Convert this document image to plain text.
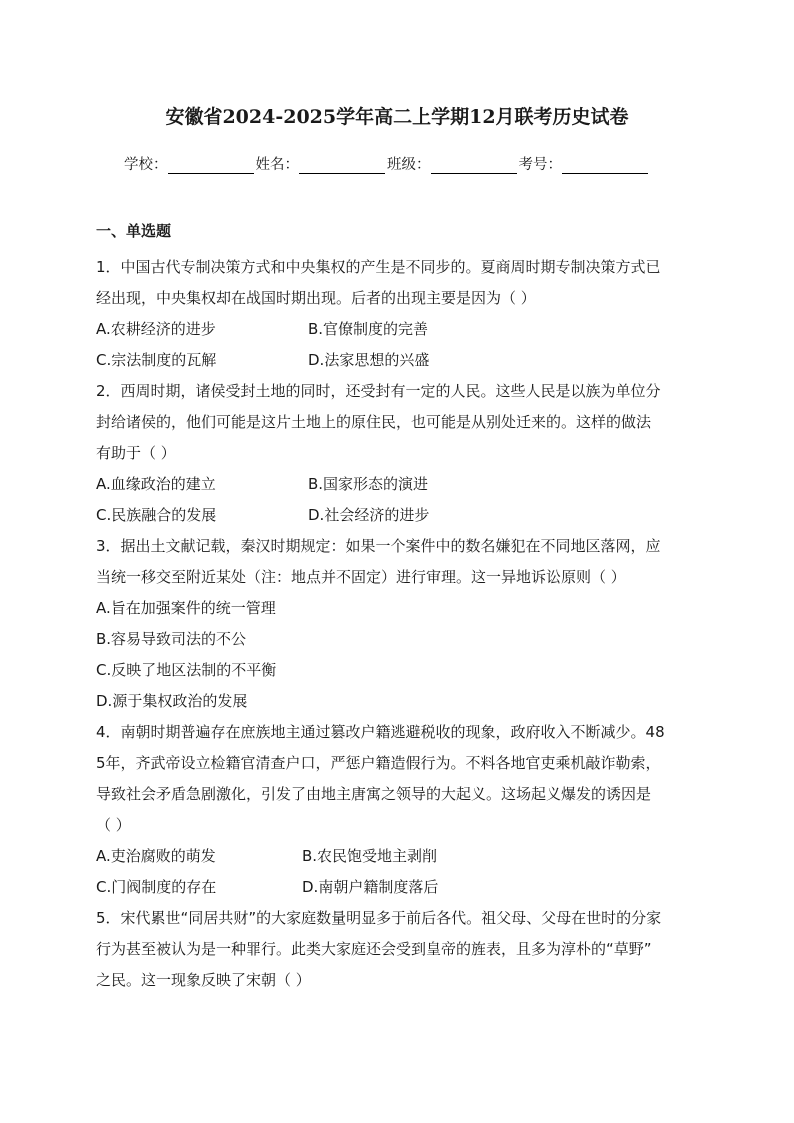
安徽省2024-2025学年高二上学期12月联考历史试卷
学校：	姓名：	班级：	考号：
一、单选题
1．中国古代专制决策方式和中央集权的产生是不同步的。夏商周时期专制决策方式已
经出现，中央集权却在战国时期出现。后者的出现主要是因为（ ）
A.农耕经济的进步	B.官僚制度的完善
C.宗法制度的瓦解	D.法家思想的兴盛
2．西周时期，诸侯受封土地的同时，还受封有一定的人民。这些人民是以族为单位分
封给诸侯的，他们可能是这片土地上的原住民，也可能是从别处迁来的。这样的做法
有助于（ ）
A.血缘政治的建立	B.国家形态的演进
C.民族融合的发展	D.社会经济的进步
3．据出土文献记载，秦汉时期规定：如果一个案件中的数名嫌犯在不同地区落网，应
当统一移交至附近某处（注：地点并不固定）进行审理。这一异地诉讼原则（ ）
A.旨在加强案件的统一管理
B.容易导致司法的不公
C.反映了地区法制的不平衡
D.源于集权政治的发展
4．南朝时期普遍存在庶族地主通过篡改户籍逃避税收的现象，政府收入不断减少。48
5年，齐武帝设立检籍官清查户口，严惩户籍造假行为。不料各地官吏乘机敲诈勒索，
导致社会矛盾急剧激化，引发了由地主唐寓之领导的大起义。这场起义爆发的诱因是
（ ）
A.吏治腐败的萌发	B.农民饱受地主剥削
C.门阀制度的存在	D.南朝户籍制度落后
5．宋代累世“同居共财”的大家庭数量明显多于前后各代。祖父母、父母在世时的分家
行为甚至被认为是一种罪行。此类大家庭还会受到皇帝的旌表，且多为淳朴的“草野”
之民。这一现象反映了宋朝（ ）
